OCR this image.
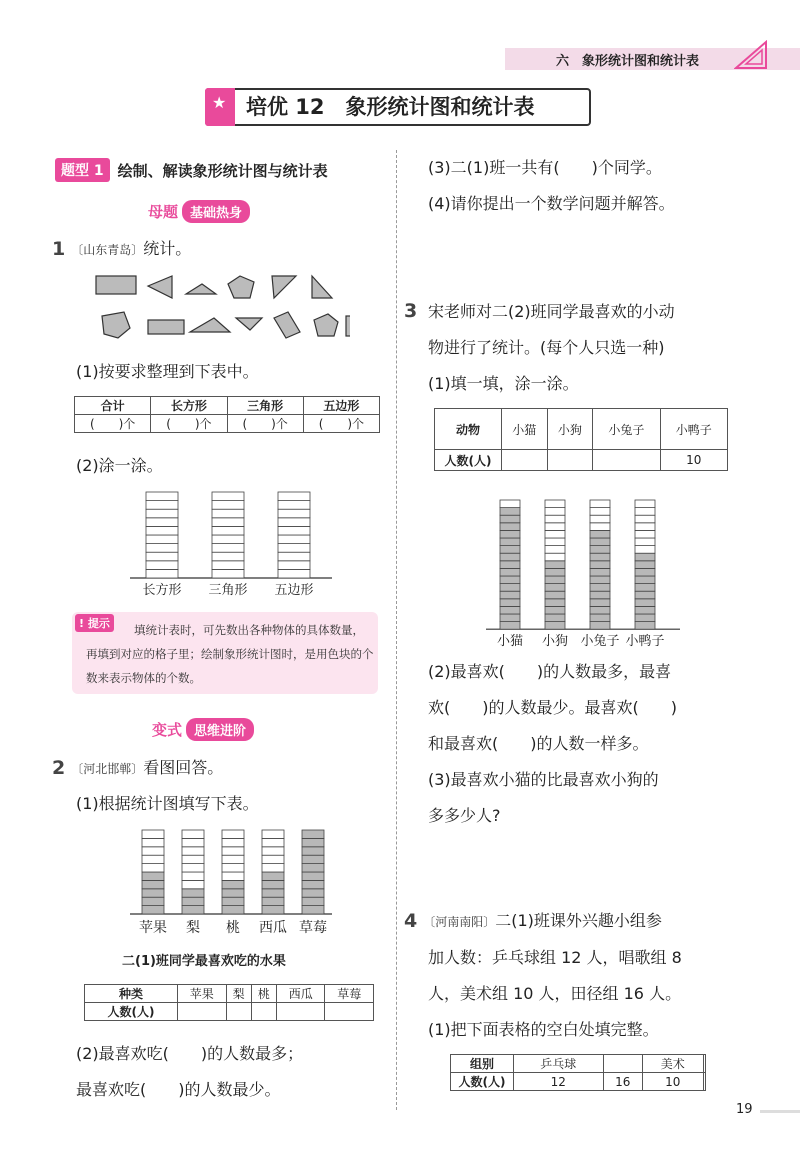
六　象形统计图和统计表
★ 培优 12　象形统计图和统计表
题型 1 绘制、解读象形统计图与统计表
母题 基础热身
1 〔山东青岛〕 统计。
(1)按要求整理到下表中。
合计	长方形	三角形	五边形
(　　)个	(　　)个	(　　)个	(　　)个
(2)涂一涂。
长方形 三角形 五边形
! 提示	填统计表时，可先数出各种物体的具体数量，再填到对应的格子里；绘制象形统计图时，是用色块的个数来表示物体的个数。
变式 思维进阶
2 〔河北邯郸〕 看图回答。
(1)根据统计图填写下表。
苹果 梨 桃 西瓜 草莓
二(1)班同学最喜欢吃的水果
种类	苹果	梨	桃	西瓜	草莓
人数(人)					
(2)最喜欢吃(　　)的人数最多；
最喜欢吃(　　)的人数最少。
(3)二(1)班一共有(　　)个同学。
(4)请你提出一个数学问题并解答。
3 宋老师对二(2)班同学最喜欢的小动
物进行了统计。(每个人只选一种)
(1)填一填，涂一涂。
动物	小猫	小狗	小兔子	小鸭子
人数(人)				10
小猫 小狗 小兔子 小鸭子
(2)最喜欢(　　)的人数最多，最喜
欢(　　)的人数最少。最喜欢(　　)
和最喜欢(　　)的人数一样多。
(3)最喜欢小猫的比最喜欢小狗的
多多少人?
4 〔河南南阳〕 二(1)班课外兴趣小组参
加人数：乒乓球组 12 人，唱歌组 8
人，美术组 10 人，田径组 16 人。
(1)把下面表格的空白处填完整。
组别	乒乓球		美术	
人数(人)	12	16	10	
19
